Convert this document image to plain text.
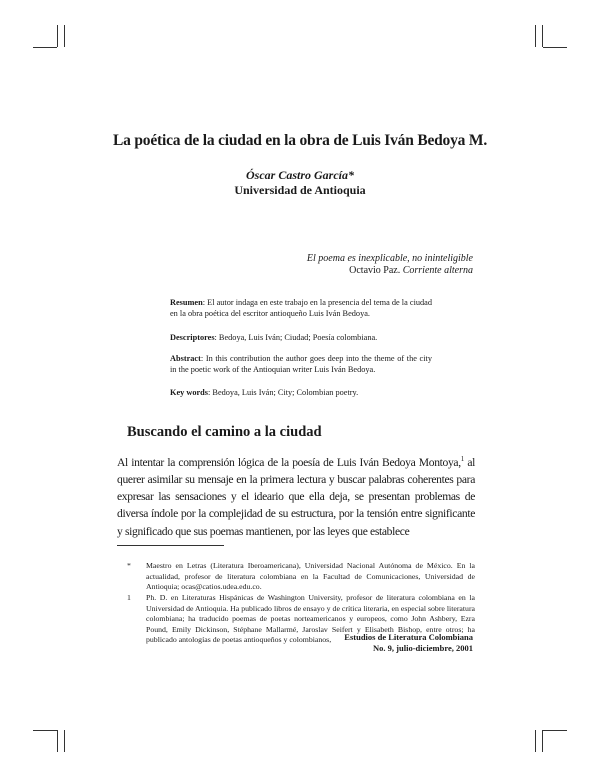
La poética de la ciudad en la obra de Luis Iván Bedoya M.
Óscar Castro García*
Universidad de Antioquia
El poema es inexplicable, no ininteligible
Octavio Paz. Corriente alterna
Resumen: El autor indaga en este trabajo en la presencia del tema de la ciudad en la obra poética del escritor antioqueño Luis Iván Bedoya.
Descriptores: Bedoya, Luis Iván; Ciudad; Poesía colombiana.
Abstract: In this contribution the author goes deep into the theme of the city in the poetic work of the Antioquian writer Luis Iván Bedoya.
Key words: Bedoya, Luis Iván; City; Colombian poetry.
Buscando el camino a la ciudad

Al intentar la comprensión lógica de la poesía de Luis Iván Bedoya Montoya,$^1$ al querer asimilar su mensaje en la primera lectura y buscar palabras coherentes para expresar las sensaciones y el ideario que ella deja, se presentan problemas de diversa índole por la complejidad de su estructura, por la tensión entre significante y significado que sus poemas mantienen, por las leyes que establece

* Maestro en Letras (Literatura Iberoamericana), Universidad Nacional Autónoma de México. En la actualidad, profesor de literatura colombiana en la Facultad de Comunicaciones, Universidad de Antioquia; ocas@catios.udea.edu.co.
1 Ph. D. en Literaturas Hispánicas de Washington University, profesor de literatura colombiana en la Universidad de Antioquia. Ha publicado libros de ensayo y de crítica literaria, en especial sobre literatura colombiana; ha traducido poemas de poetas norteamericanos y europeos, como John Ashbery, Ezra Pound, Emily Dickinson, Stéphane Mallarmé, Jaroslav Seifert y Elisabeth Bishop, entre otros; ha publicado antologías de poetas antioqueños y colombianos,	Estudios de Literatura Colombiana
No. 9, julio-diciembre, 2001
